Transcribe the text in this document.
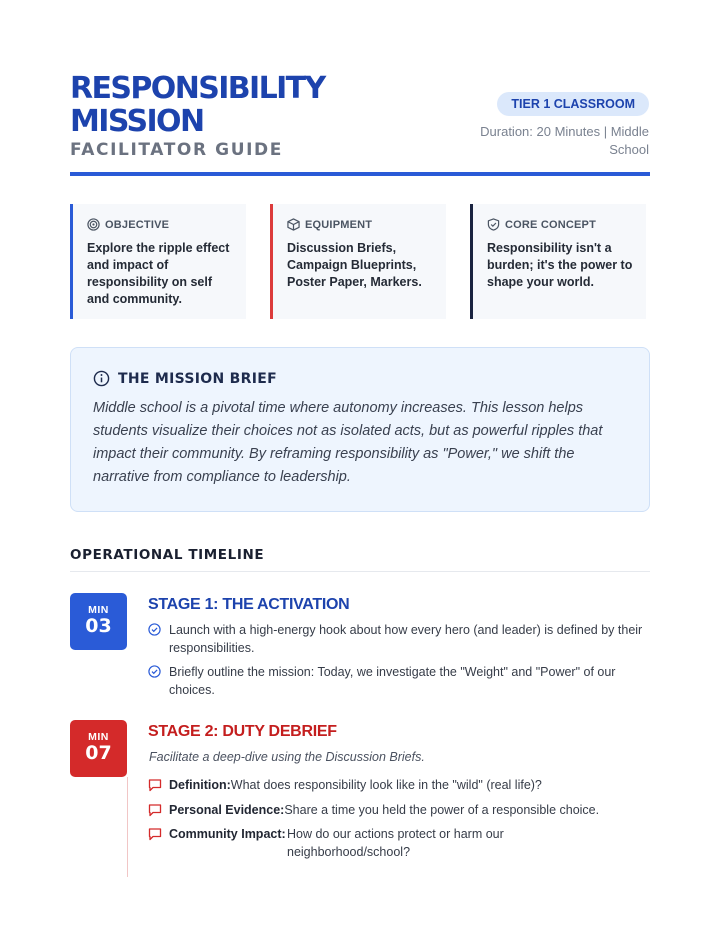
RESPONSIBILITY MISSION
FACILITATOR GUIDE
TIER 1 CLASSROOM
Duration: 20 Minutes | Middle School
OBJECTIVE
Explore the ripple effect and impact of responsibility on self and community.
EQUIPMENT
Discussion Briefs, Campaign Blueprints, Poster Paper, Markers.
CORE CONCEPT
Responsibility isn't a burden; it's the power to shape your world.
THE MISSION BRIEF
Middle school is a pivotal time where autonomy increases. This lesson helps students visualize their choices not as isolated acts, but as powerful ripples that impact their community. By reframing responsibility as "Power," we shift the narrative from compliance to leadership.
OPERATIONAL TIMELINE
MIN
03
STAGE 1: THE ACTIVATION
Launch with a high-energy hook about how every hero (and leader) is defined by their responsibilities.
Briefly outline the mission: Today, we investigate the "Weight" and "Power" of our choices.
MIN
07
STAGE 2: DUTY DEBRIEF
Facilitate a deep-dive using the Discussion Briefs.
Definition: What does responsibility look like in the "wild" (real life)?
Personal Evidence: Share a time you held the power of a responsible choice.
Community Impact: How do our actions protect or harm our neighborhood/school?
